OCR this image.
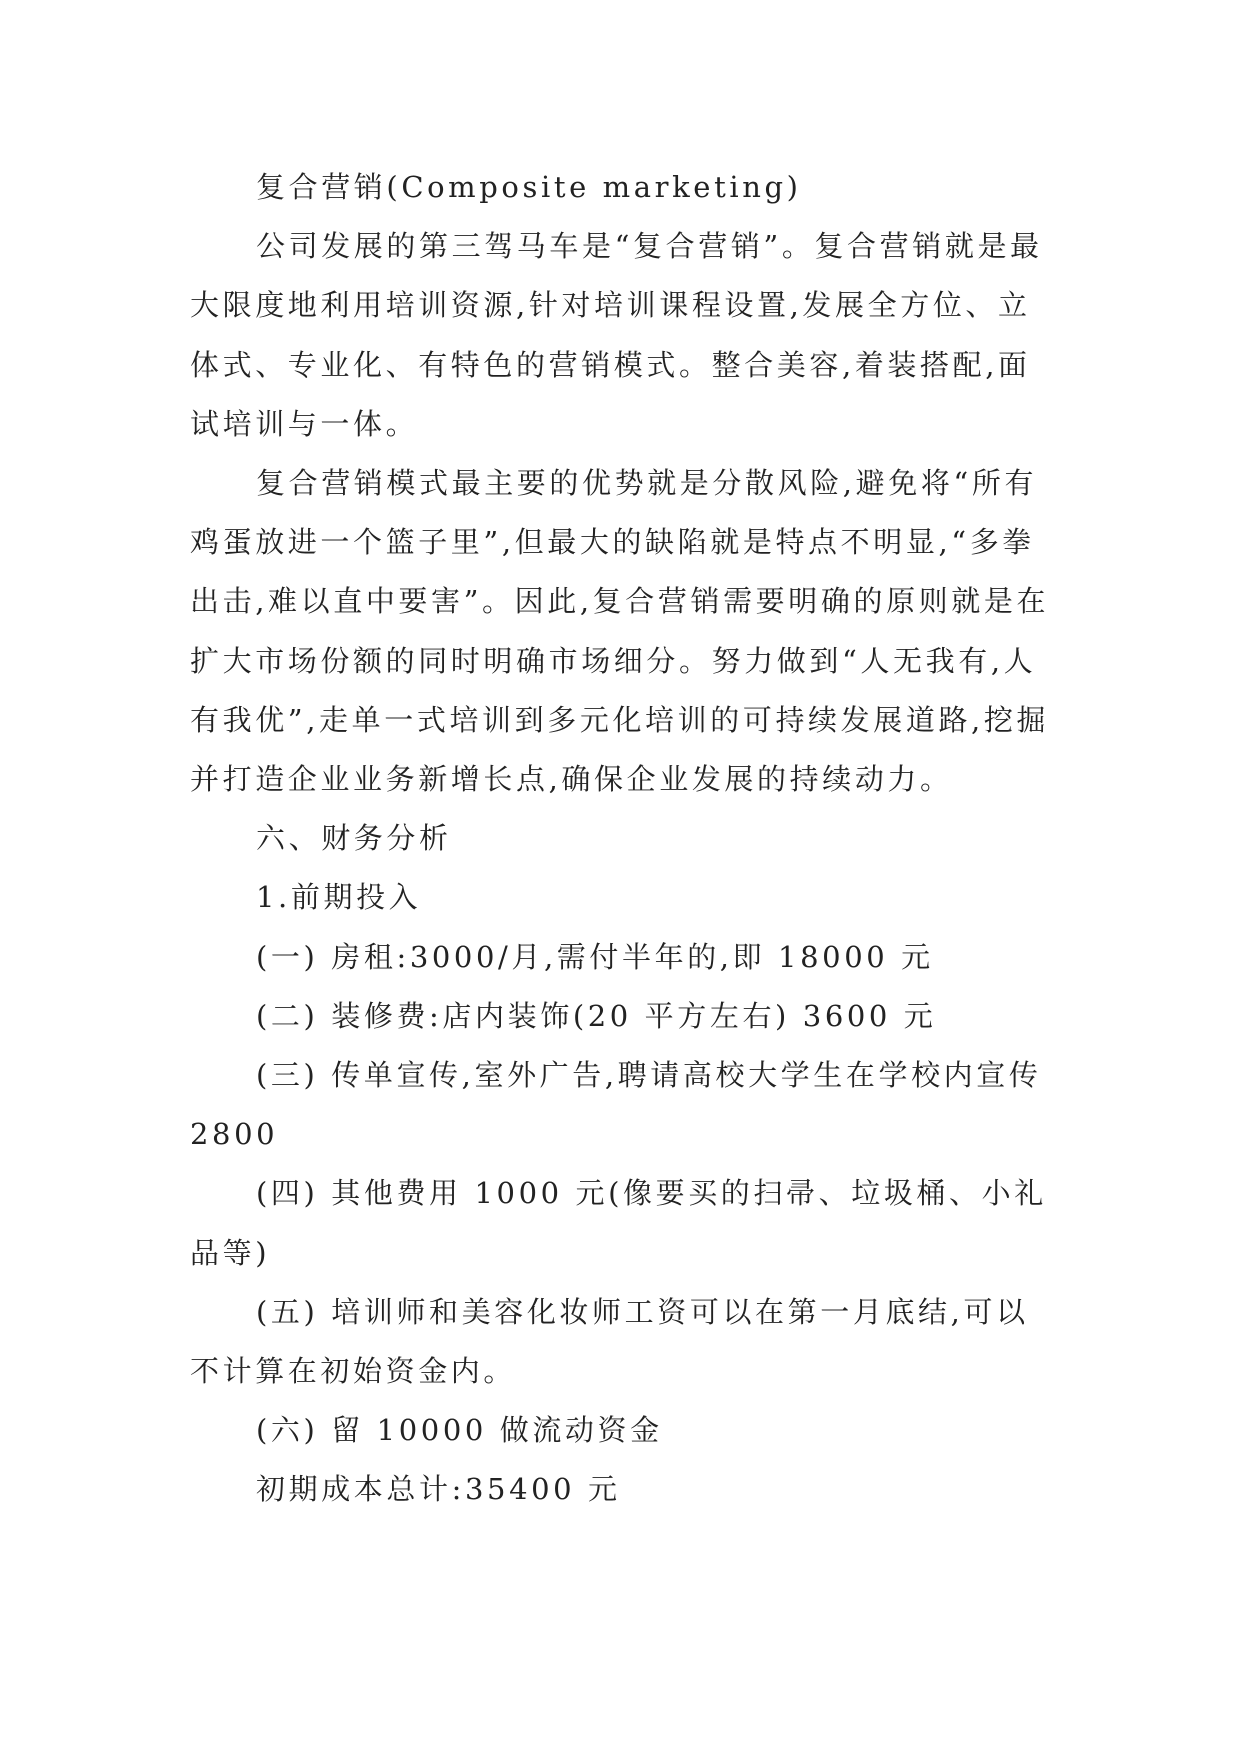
复合营销(Composite marketing)

公司发展的第三驾马车是“复合营销”。复合营销就是最大限度地利用培训资源,针对培训课程设置,发展全方位、立体式、专业化、有特色的营销模式。整合美容,着装搭配,面试培训与一体。

复合营销模式最主要的优势就是分散风险,避免将“所有鸡蛋放进一个篮子里”,但最大的缺陷就是特点不明显,“多拳出击,难以直中要害”。因此,复合营销需要明确的原则就是在扩大市场份额的同时明确市场细分。努力做到“人无我有,人有我优”,走单一式培训到多元化培训的可持续发展道路,挖掘并打造企业业务新增长点,确保企业发展的持续动力。

六、财务分析

1.前期投入

(一) 房租:3000/月,需付半年的,即 18000 元

(二) 装修费:店内装饰(20 平方左右) 3600 元

(三) 传单宣传,室外广告,聘请高校大学生在学校内宣传 2800

(四) 其他费用 1000 元(像要买的扫帚、垃圾桶、小礼品等)

(五) 培训师和美容化妆师工资可以在第一月底结,可以不计算在初始资金内。

(六) 留 10000 做流动资金

初期成本总计:35400 元
